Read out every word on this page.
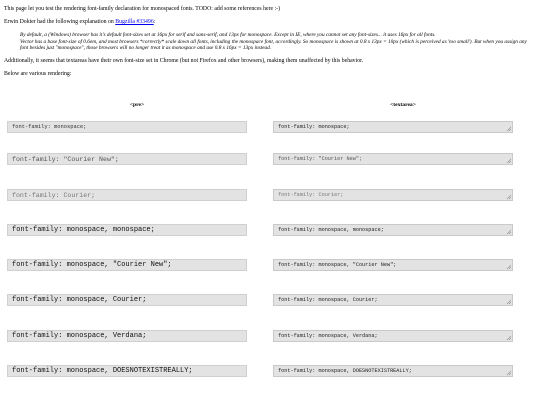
This page let you test the rendering font-family declaration for monospaced fonts. TODO: add some references here :-)

Erwin Dokter had the following explanation on Bugzilla #33496:

By default, a (Windows) browser has it's default font-sizes set at 16px for serif and sans-serif, and 13px for monospace. Except in IE, where you cannot set any font-sizes... it uses 16px for all fonts.
Vector has a base font-size of 0.6em, and most browsers *correctly* scale down all fonts, including the monospace font, accordingly. So monospace is shown at 0.8 x 13px = 10px (which is perceived as 'too small'). But when you assign any font besides just "monospace", those browsers will no longer treat it as monospace and use 0.8 x 16px = 13px instead.

Additionally, it seems that textareas have their own font-size set in Chrome (but not Firefox and other browsers), making them unaffected by this behavior.

Below are various rendering:

<pre>	<textarea>
font-family: monospace;	font-family: monospace;
font-family: "Courier New";	font-family: "Courier New";
font-family: Courier;	font-family: Courier;
font-family: monospace, monospace;	font-family: monospace, monospace;
font-family: monospace, "Courier New";	font-family: monospace, "Courier New";
font-family: monospace, Courier;	font-family: monospace, Courier;
font-family: monospace, Verdana;	font-family: monospace, Verdana;
font-family: monospace, DOESNOTEXISTREALLY;	font-family: monospace, DOESNOTEXISTREALLY;
